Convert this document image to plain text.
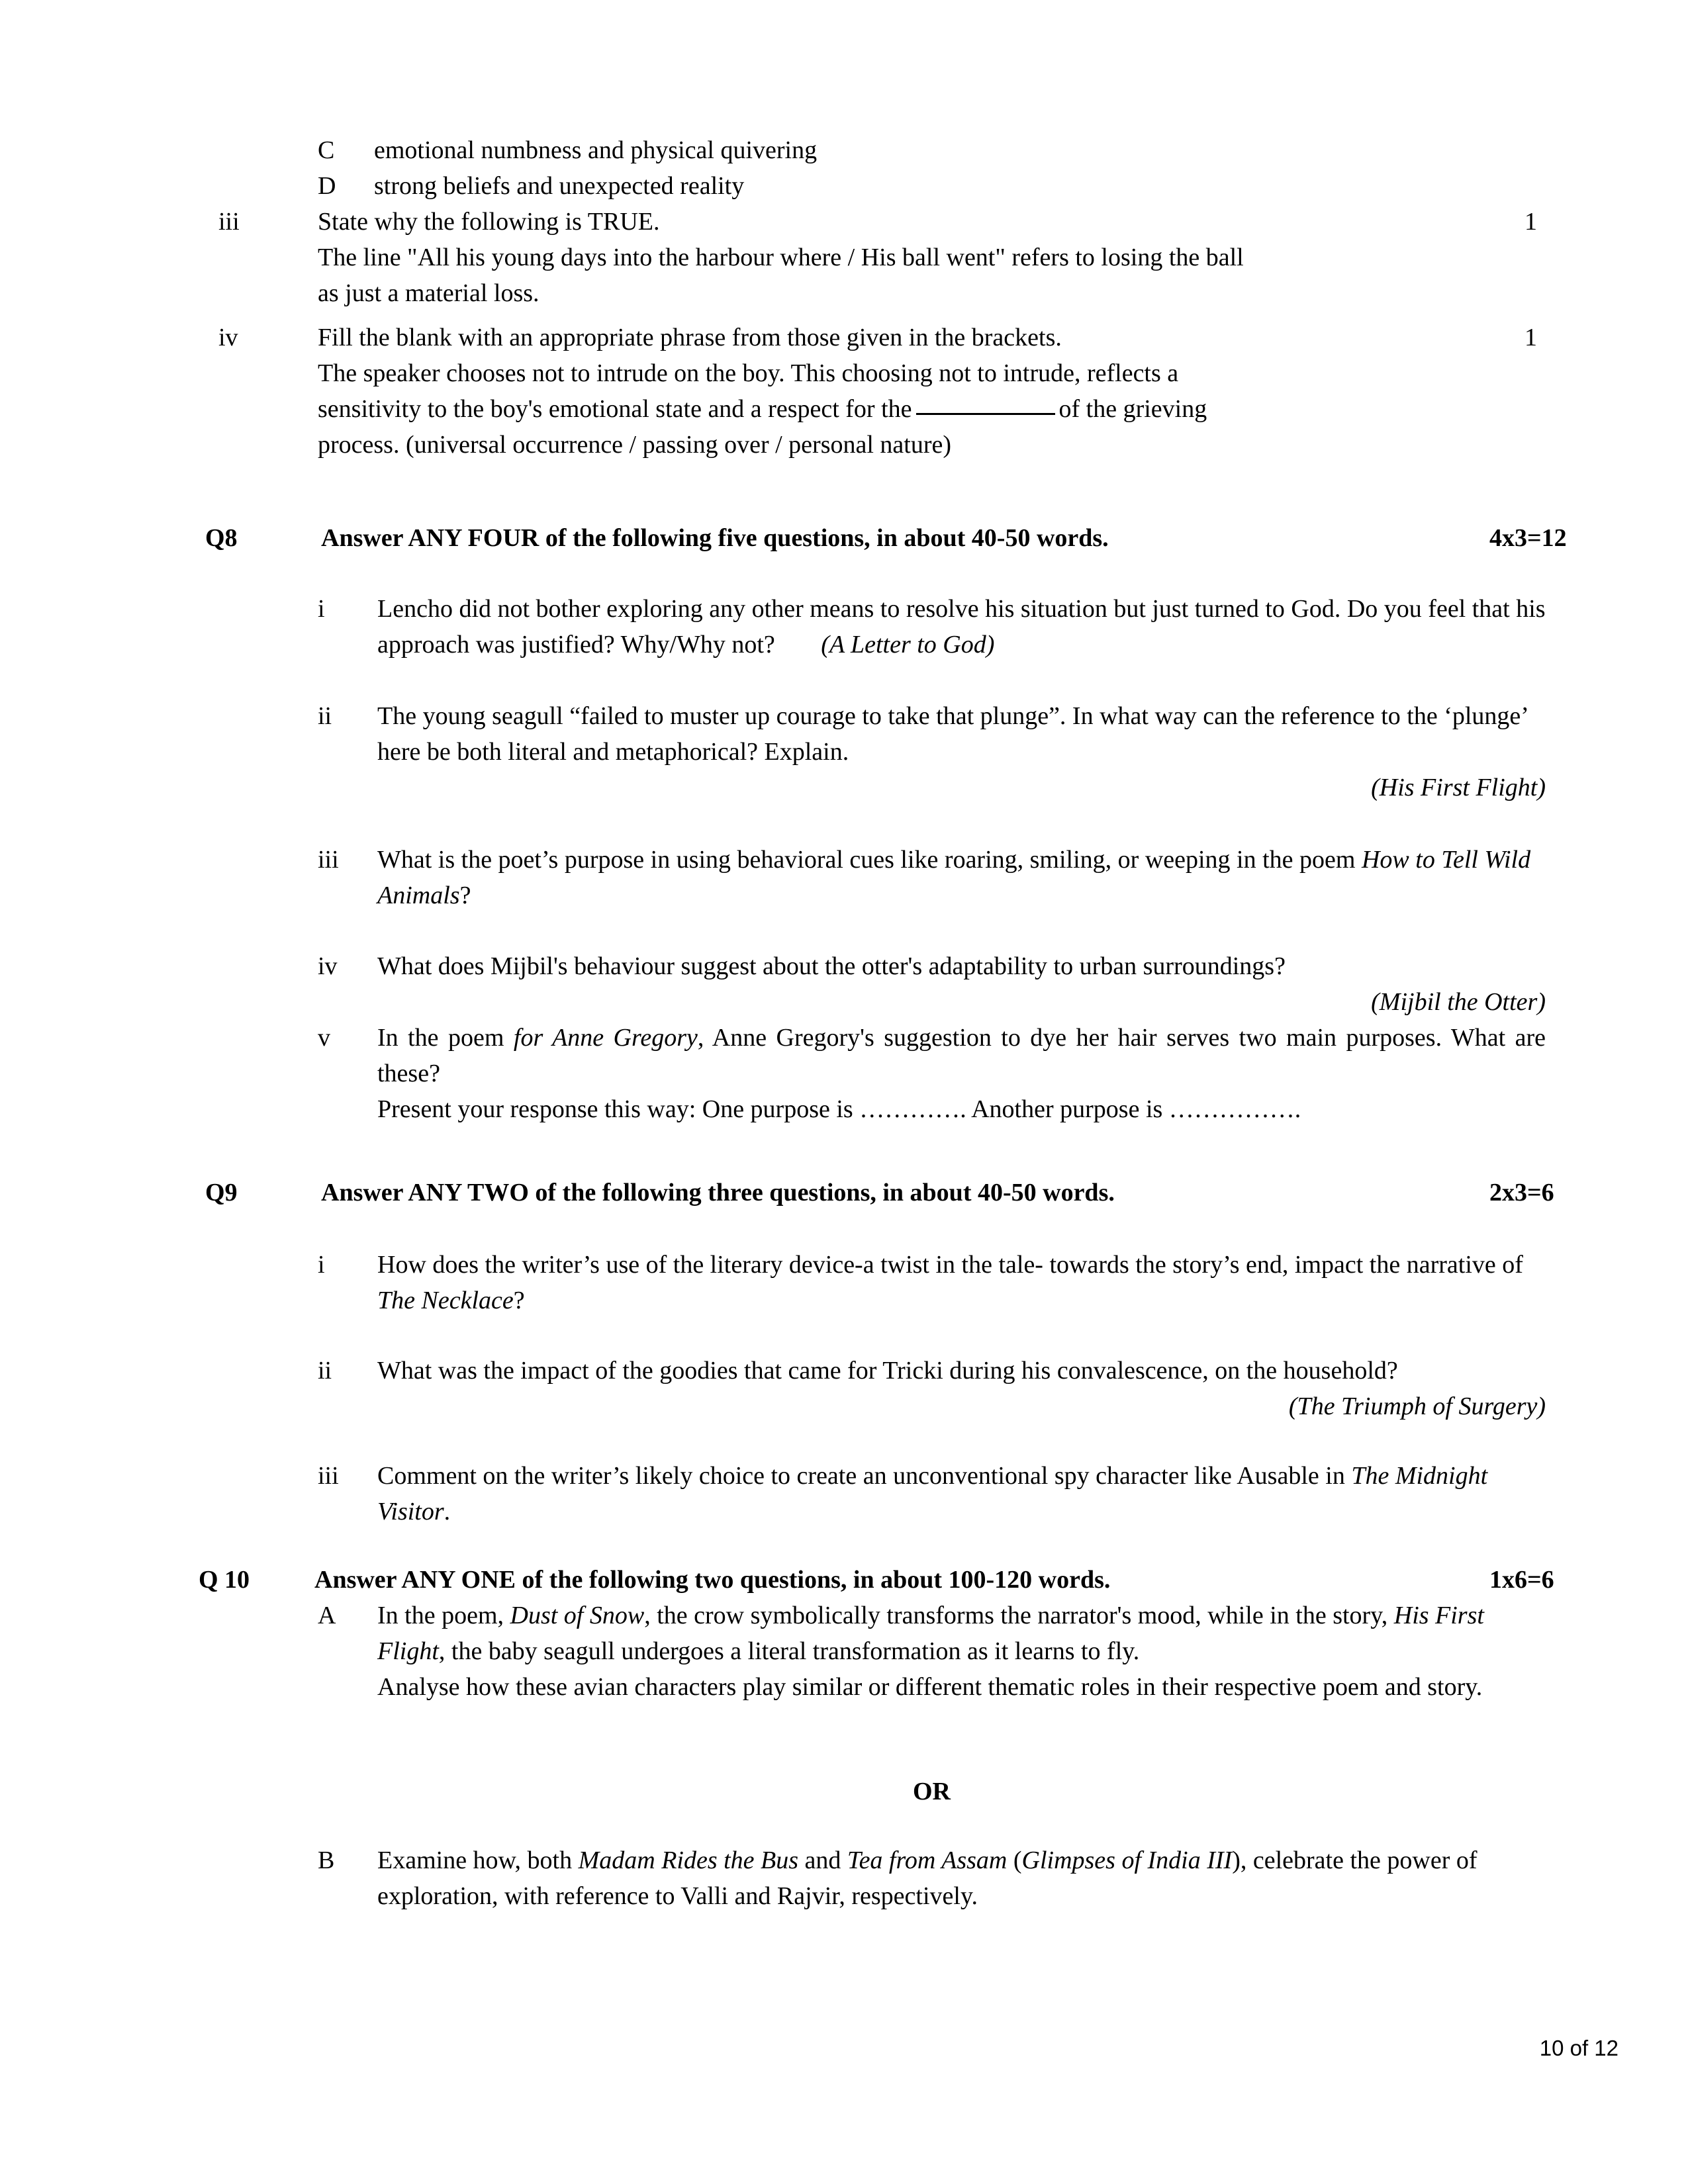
C	emotional numbness and physical quivering
D	strong beliefs and unexpected reality
iii	State why the following is TRUE.
The line "All his young days into the harbour where / His ball went" refers to losing the ball
as just a material loss.
1
iv	Fill the blank with an appropriate phrase from those given in the brackets.
The speaker chooses not to intrude on the boy. This choosing not to intrude, reflects a
sensitivity to the boy's emotional state and a respect for the	of the grieving
process. (universal occurrence / passing over / personal nature)
1
Q8	Answer ANY FOUR of the following five questions, in about 40-50 words.	4x3=12
i	Lencho did not bother exploring any other means to resolve his situation but just turned to God. Do you feel that his approach was justified? Why/Why not? (A Letter to God)
ii	The young seagull “failed to muster up courage to take that plunge”. In what way can the reference to the ‘plunge’ here be both literal and metaphorical? Explain.
(His First Flight)
iii	What is the poet’s purpose in using behavioral cues like roaring, smiling, or weeping in the poem How to Tell Wild Animals?
iv	What does Mijbil's behaviour suggest about the otter's adaptability to urban surroundings?
(Mijbil the Otter)
v	In the poem for Anne Gregory, Anne Gregory's suggestion to dye her hair serves two main purposes. What are these?
Present your response this way: One purpose is …………. Another purpose is …………….
Q9	Answer ANY TWO of the following three questions, in about 40-50 words.	2x3=6
i	How does the writer’s use of the literary device-a twist in the tale- towards the story’s end, impact the narrative of The Necklace?
ii	What was the impact of the goodies that came for Tricki during his convalescence, on the household?
(The Triumph of Surgery)
iii	Comment on the writer’s likely choice to create an unconventional spy character like Ausable in The Midnight Visitor.
Q 10	Answer ANY ONE of the following two questions, in about 100-120 words.	1x6=6
A	In the poem, Dust of Snow, the crow symbolically transforms the narrator's mood, while in the story, His First Flight, the baby seagull undergoes a literal transformation as it learns to fly.
Analyse how these avian characters play similar or different thematic roles in their respective poem and story.
OR
B	Examine how, both Madam Rides the Bus and Tea from Assam (Glimpses of India III), celebrate the power of exploration, with reference to Valli and Rajvir, respectively.
10 of 12
